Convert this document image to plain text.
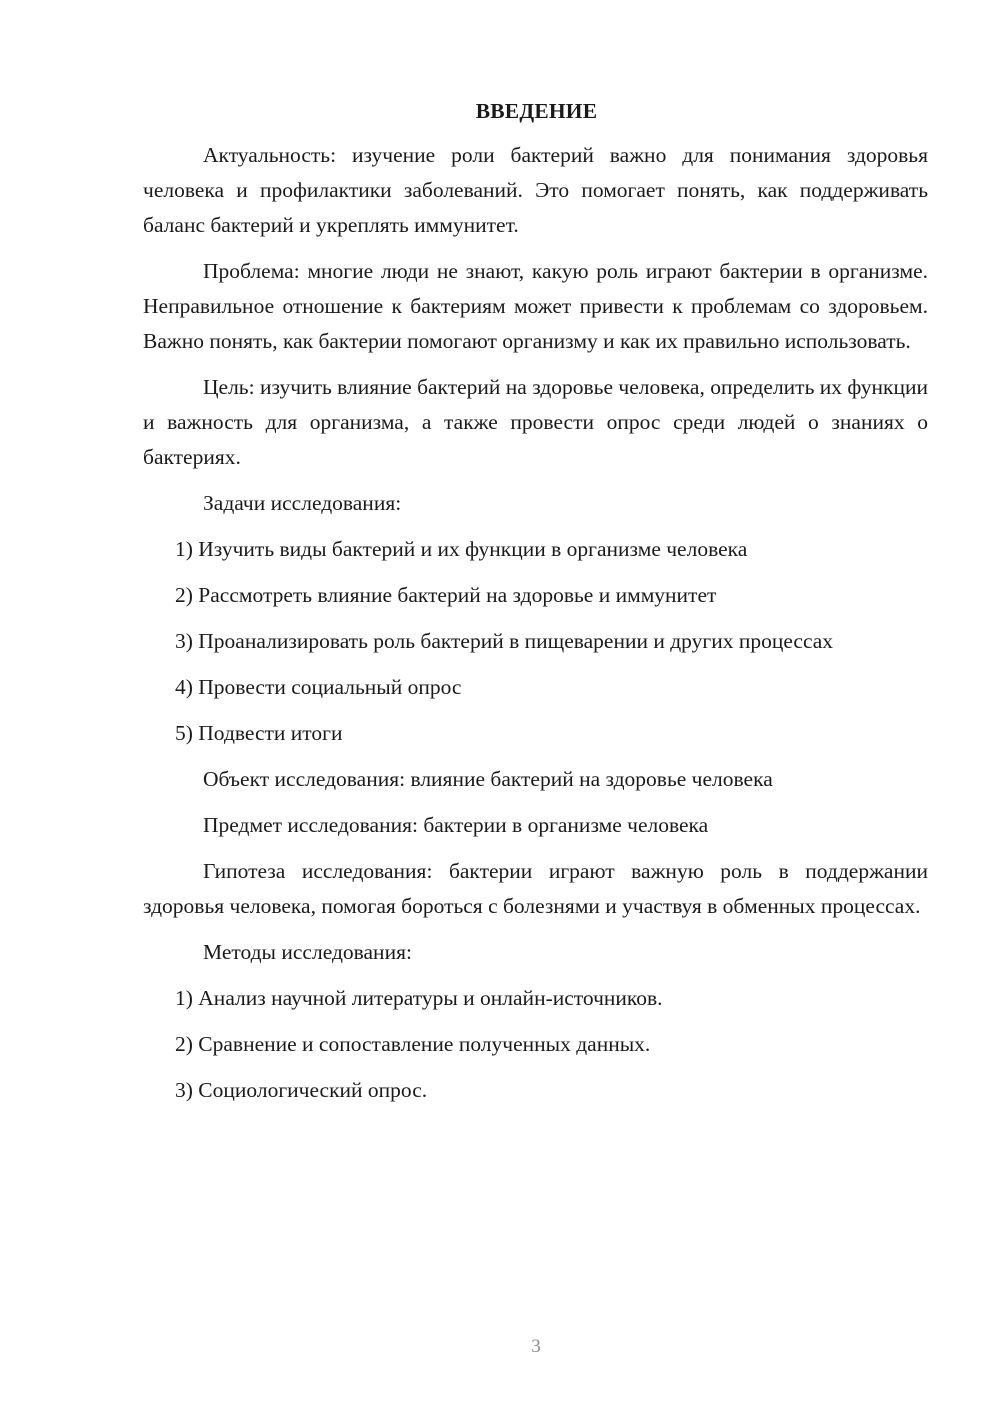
ВВЕДЕНИЕ

Актуальность: изучение роли бактерий важно для понимания здоровья человека и профилактики заболеваний. Это помогает понять, как поддерживать баланс бактерий и укреплять иммунитет.

Проблема: многие люди не знают, какую роль играют бактерии в организме. Неправильное отношение к бактериям может привести к проблемам со здоровьем. Важно понять, как бактерии помогают организму и как их правильно использовать.

Цель: изучить влияние бактерий на здоровье человека, определить их функции и важность для организма, а также провести опрос среди людей о знаниях о бактериях.

Задачи исследования:

1) Изучить виды бактерий и их функции в организме человека

2) Рассмотреть влияние бактерий на здоровье и иммунитет

3) Проанализировать роль бактерий в пищеварении и других процессах

4) Провести социальный опрос

5) Подвести итоги

Объект исследования: влияние бактерий на здоровье человека

Предмет исследования: бактерии в организме человека

Гипотеза исследования: бактерии играют важную роль в поддержании здоровья человека, помогая бороться с болезнями и участвуя в обменных процессах.

Методы исследования:

1) Анализ научной литературы и онлайн-источников.

2) Сравнение и сопоставление полученных данных.

3) Социологический опрос.

3
